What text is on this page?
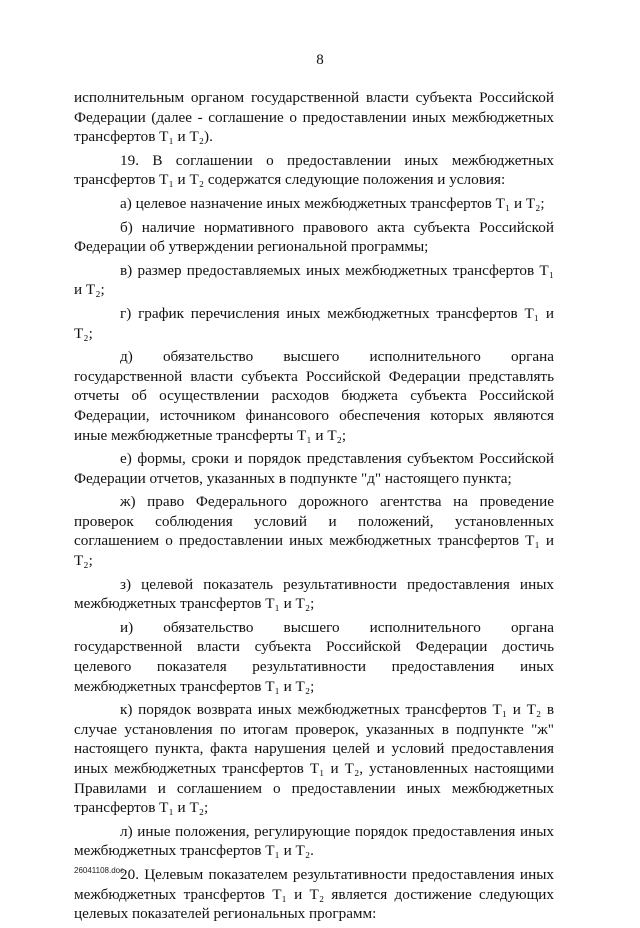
8

исполнительным органом государственной власти субъекта Российской Федерации (далее - соглашение о предоставлении иных межбюджетных трансфертов Т₁ и Т₂).

19. В соглашении о предоставлении иных межбюджетных трансфертов Т₁ и Т₂ содержатся следующие положения и условия:

а) целевое назначение иных межбюджетных трансфертов Т₁ и Т₂;

б) наличие нормативного правового акта субъекта Российской Федерации об утверждении региональной программы;

в) размер предоставляемых иных межбюджетных трансфертов Т₁ и Т₂;

г) график перечисления иных межбюджетных трансфертов Т₁ и Т₂;

д) обязательство высшего исполнительного органа государственной власти субъекта Российской Федерации представлять отчеты об осуществлении расходов бюджета субъекта Российской Федерации, источником финансового обеспечения которых являются иные межбюджетные трансферты Т₁ и Т₂;

е) формы, сроки и порядок представления субъектом Российской Федерации отчетов, указанных в подпункте "д" настоящего пункта;

ж) право Федерального дорожного агентства на проведение проверок соблюдения условий и положений, установленных соглашением о предоставлении иных межбюджетных трансфертов Т₁ и Т₂;

з) целевой показатель результативности предоставления иных межбюджетных трансфертов Т₁ и Т₂;

и) обязательство высшего исполнительного органа государственной власти субъекта Российской Федерации достичь целевого показателя результативности предоставления иных межбюджетных трансфертов Т₁ и Т₂;

к) порядок возврата иных межбюджетных трансфертов Т₁ и Т₂ в случае установления по итогам проверок, указанных в подпункте "ж" настоящего пункта, факта нарушения целей и условий предоставления иных межбюджетных трансфертов Т₁ и Т₂, установленных настоящими Правилами и соглашением о предоставлении иных межбюджетных трансфертов Т₁ и Т₂;

л) иные положения, регулирующие порядок предоставления иных межбюджетных трансфертов Т₁ и Т₂.

20. Целевым показателем результативности предоставления иных межбюджетных трансфертов Т₁ и Т₂ является достижение следующих целевых показателей региональных программ:

26041108.doc
